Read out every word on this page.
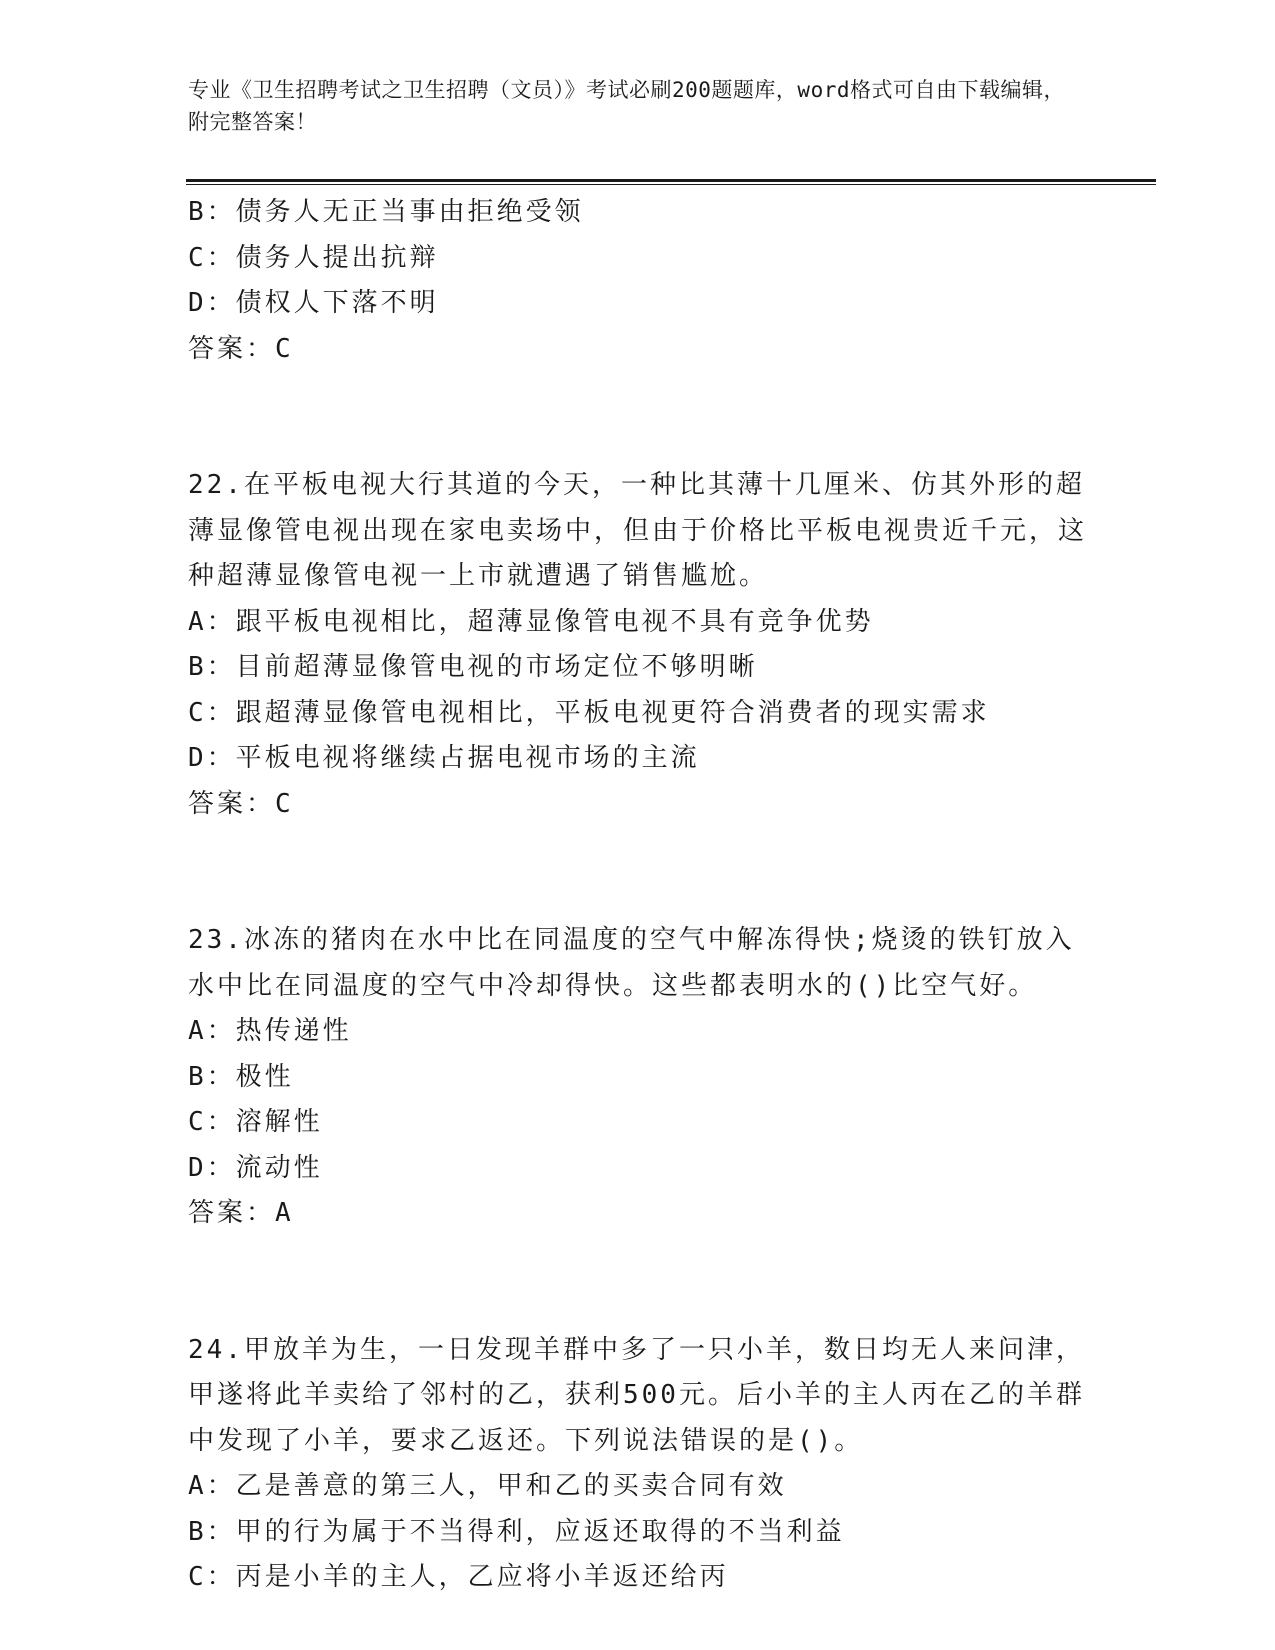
专业《卫生招聘考试之卫生招聘（文员）》考试必刷200题题库，word格式可自由下载编辑，附完整答案！
B：债务人无正当事由拒绝受领
C：债务人提出抗辩
D：债权人下落不明
答案：C
22.在平板电视大行其道的今天，一种比其薄十几厘米、仿其外形的超薄显像管电视出现在家电卖场中，但由于价格比平板电视贵近千元，这种超薄显像管电视一上市就遭遇了销售尴尬。
A：跟平板电视相比，超薄显像管电视不具有竞争优势
B：目前超薄显像管电视的市场定位不够明晰
C：跟超薄显像管电视相比，平板电视更符合消费者的现实需求
D：平板电视将继续占据电视市场的主流
答案：C
23.冰冻的猪肉在水中比在同温度的空气中解冻得快;烧烫的铁钉放入水中比在同温度的空气中冷却得快。这些都表明水的()比空气好。
A：热传递性
B：极性
C：溶解性
D：流动性
答案：A
24.甲放羊为生，一日发现羊群中多了一只小羊，数日均无人来问津，甲遂将此羊卖给了邻村的乙，获利500元。后小羊的主人丙在乙的羊群中发现了小羊，要求乙返还。下列说法错误的是()。
A：乙是善意的第三人，甲和乙的买卖合同有效
B：甲的行为属于不当得利，应返还取得的不当利益
C：丙是小羊的主人，乙应将小羊返还给丙
